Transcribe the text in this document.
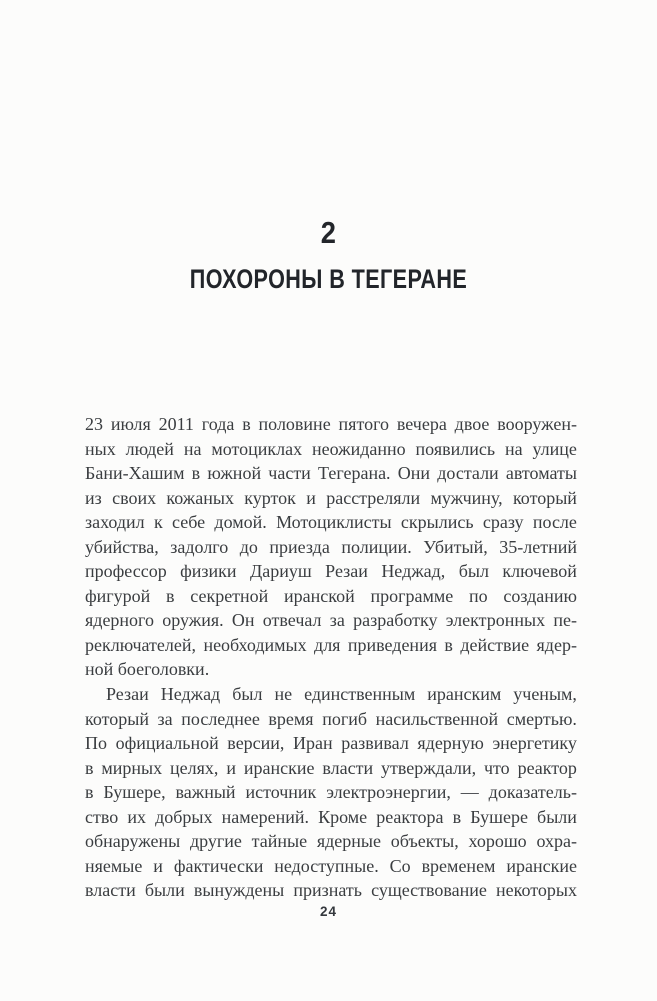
2
ПОХОРОНЫ В ТЕГЕРАНЕ
23 июля 2011 года в половине пятого вечера двое вооружен-
ных людей на мотоциклах неожиданно появились на улице
Бани-Хашим в южной части Тегерана. Они достали автоматы
из своих кожаных курток и расстреляли мужчину, который
заходил к себе домой. Мотоциклисты скрылись сразу после
убийства, задолго до приезда полиции. Убитый, 35-летний
профессор физики Дариуш Резаи Неджад, был ключевой
фигурой в секретной иранской программе по созданию
ядерного оружия. Он отвечал за разработку электронных пе-
реключателей, необходимых для приведения в действие ядер-
ной боеголовки.
Резаи Неджад был не единственным иранским ученым,
который за последнее время погиб насильственной смертью.
По официальной версии, Иран развивал ядерную энергетику
в мирных целях, и иранские власти утверждали, что реактор
в Бушере, важный источник электроэнергии, — доказатель-
ство их добрых намерений. Кроме реактора в Бушере были
обнаружены другие тайные ядерные объекты, хорошо охра-
няемые и фактически недоступные. Со временем иранские
власти были вынуждены признать существование некоторых
24
